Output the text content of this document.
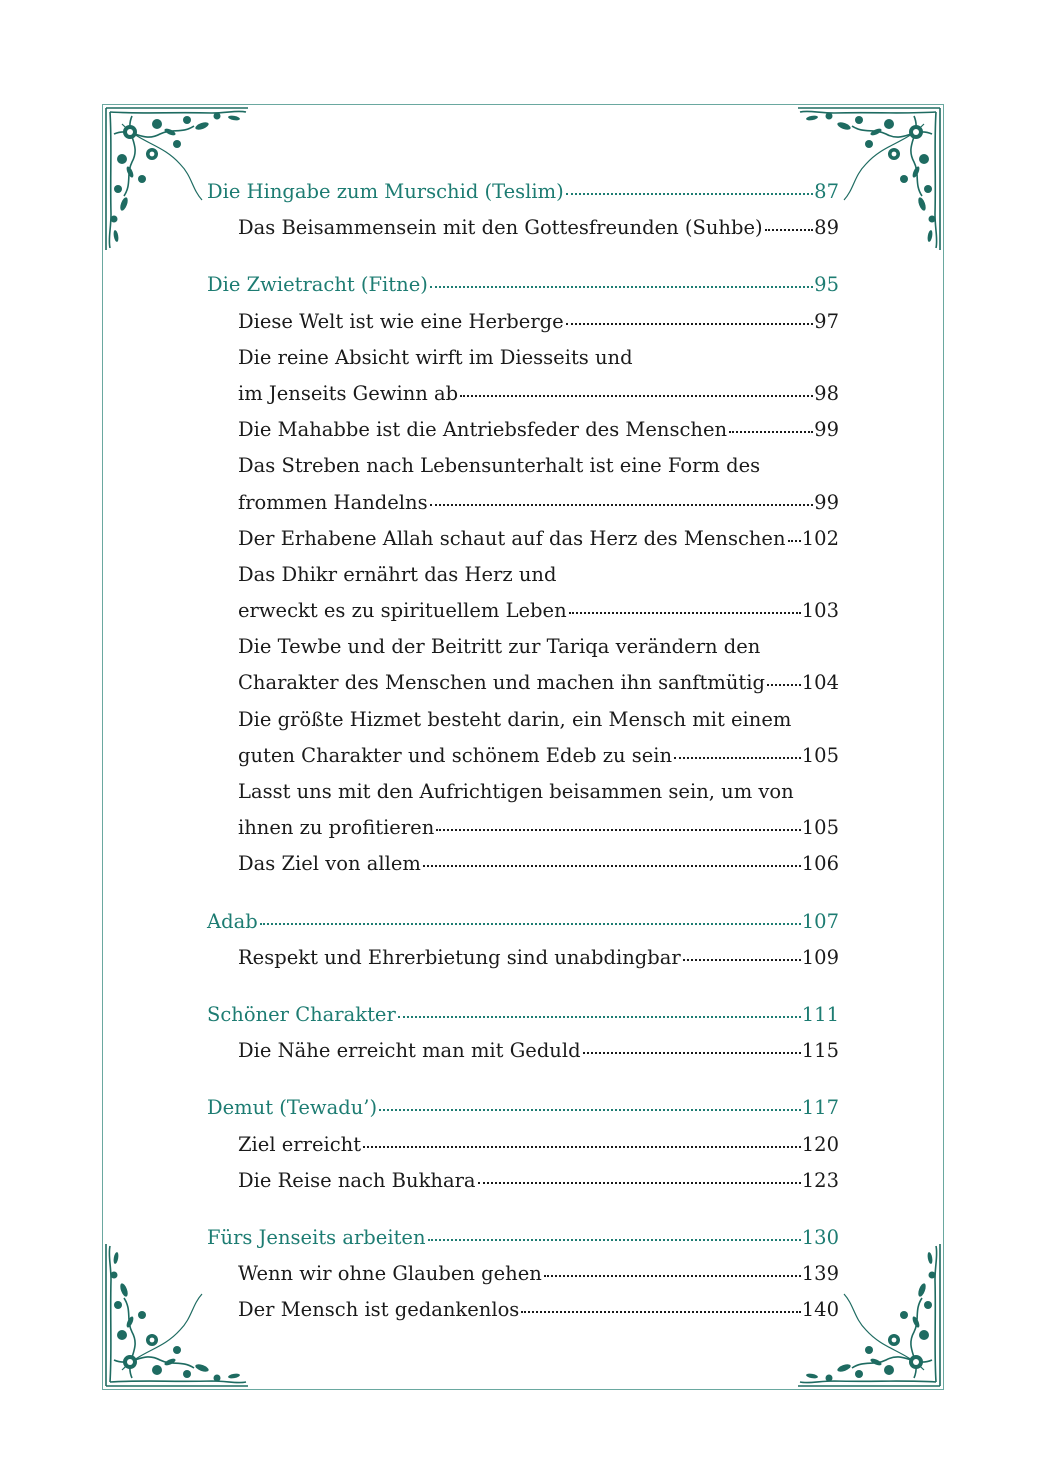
Die Hingabe zum Murschid (Teslim)	87
Das Beisammensein mit den Gottesfreunden (Suhbe)	89
Die Zwietracht (Fitne)	95
Diese Welt ist wie eine Herberge	97
Die reine Absicht wirft im Diesseits und
im Jenseits Gewinn ab	98
Die Mahabbe ist die Antriebsfeder des Menschen	99
Das Streben nach Lebensunterhalt ist eine Form des
frommen Handelns	99
Der Erhabene Allah schaut auf das Herz des Menschen 102
Das Dhikr ernährt das Herz und
erweckt es zu spirituellem Leben	103
Die Tewbe und der Beitritt zur Tariqa verändern den
Charakter des Menschen und machen ihn sanftmütig 104
Die größte Hizmet besteht darin, ein Mensch mit einem
guten Charakter und schönem Edeb zu sein	105
Lasst uns mit den Aufrichtigen beisammen sein, um von
ihnen zu profitieren	105
Das Ziel von allem	106
Adab	107
Respekt und Ehrerbietung sind unabdingbar	109
Schöner Charakter	111
Die Nähe erreicht man mit Geduld	115
Demut (Tewadu’)	117
Ziel erreicht	120
Die Reise nach Bukhara	123
Fürs Jenseits arbeiten	130
Wenn wir ohne Glauben gehen	139
Der Mensch ist gedankenlos	140
